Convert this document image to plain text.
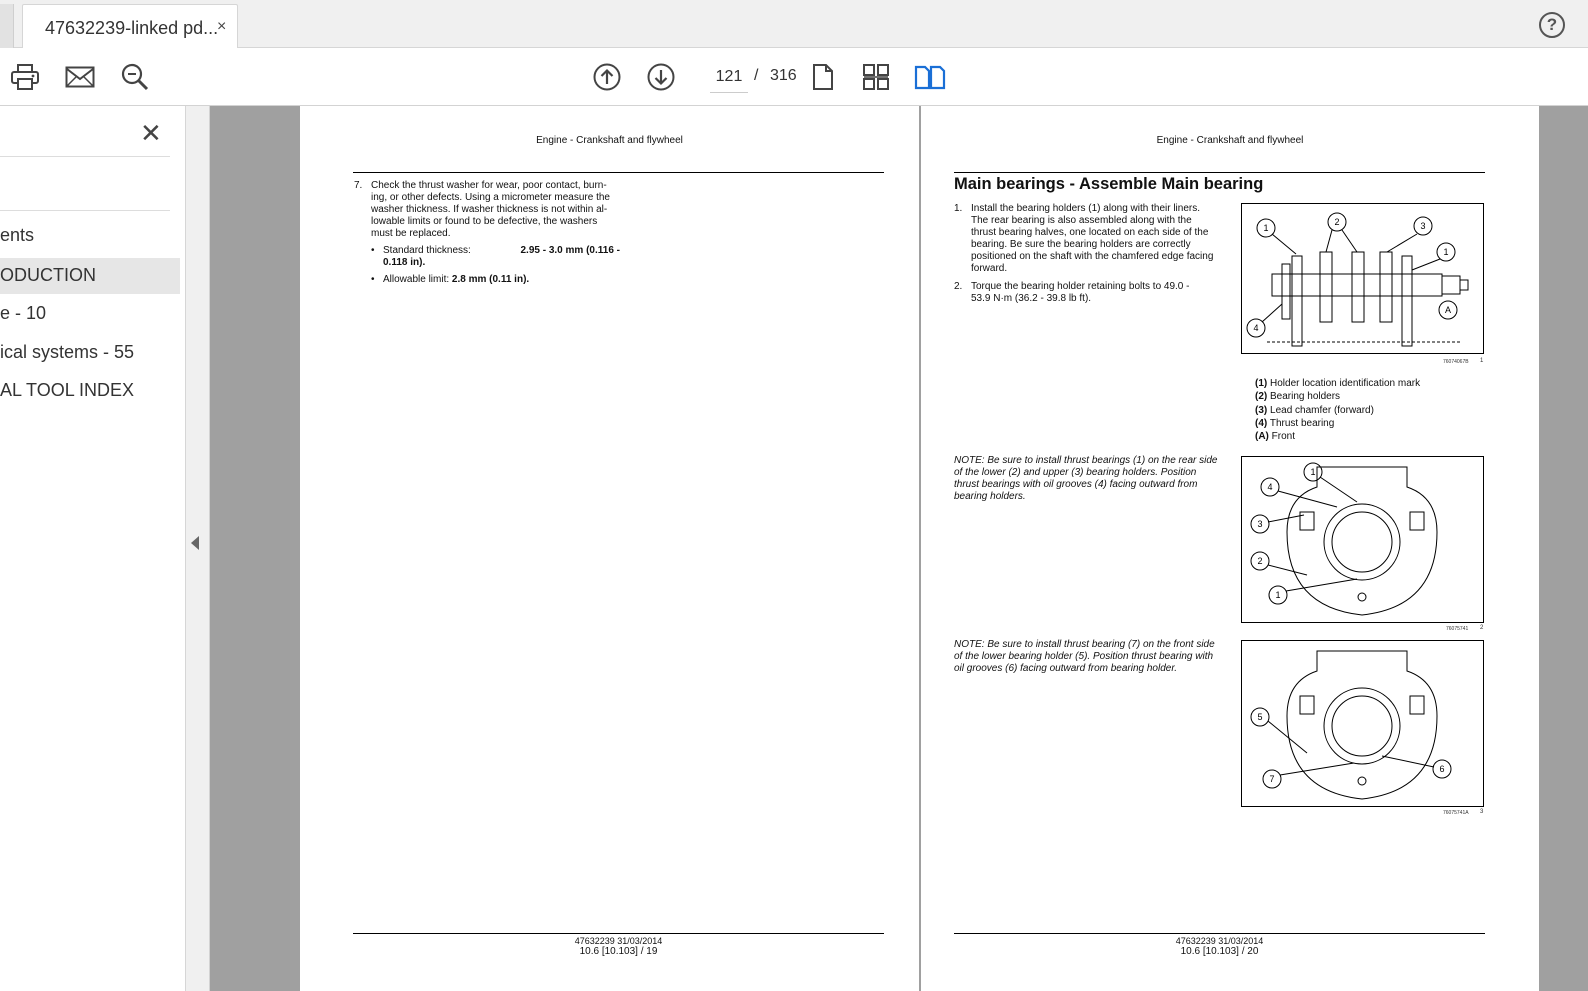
47632239-linked pd...
×	?
121
/ 316
✕
ents
ODUCTION
e - 10
ical systems - 55
AL TOOL INDEX
Engine - Crankshaft and flywheel
7. Check the thrust washer for wear, poor contact, burn-
ing, or other defects. Using a micrometer measure the
washer thickness. If washer thickness is not within al-
lowable limits or found to be defective, the washers
must be replaced.
• Standard thickness:	2.95 - 3.0 mm (0.116 -
0.118 in).
• Allowable limit: 2.8 mm (0.11 in).
47632239 31/03/2014
10.6 [10.103] / 19
Engine - Crankshaft and flywheel
Main bearings - Assemble Main bearing
1. Install the bearing holders (1) along with their liners.
The rear bearing is also assembled along with the
thrust bearing halves, one located on each side of the
bearing. Be sure the bearing holders are correctly
positioned on the shaft with the chamfered edge facing
forward.
2. Torque the bearing holder retaining bolts to 49.0 -
53.9 N·m (36.2 - 39.8 lb ft).
1
2	3
1
4
A
76074067B 1
(1) Holder location identification mark
(2) Bearing holders
(3) Lead chamfer (forward)
(4) Thrust bearing
(A) Front
NOTE: Be sure to install thrust bearings (1) on the rear side
of the lower (2) and upper (3) bearing holders. Position
thrust bearings with oil grooves (4) facing outward from
bearing holders.
1
4
3
2
1
76075741 2
NOTE: Be sure to install thrust bearing (7) on the front side
of the lower bearing holder (5). Position thrust bearing with
oil grooves (6) facing outward from bearing holder.
5
7
6
76075741A 3
47632239 31/03/2014
10.6 [10.103] / 20
